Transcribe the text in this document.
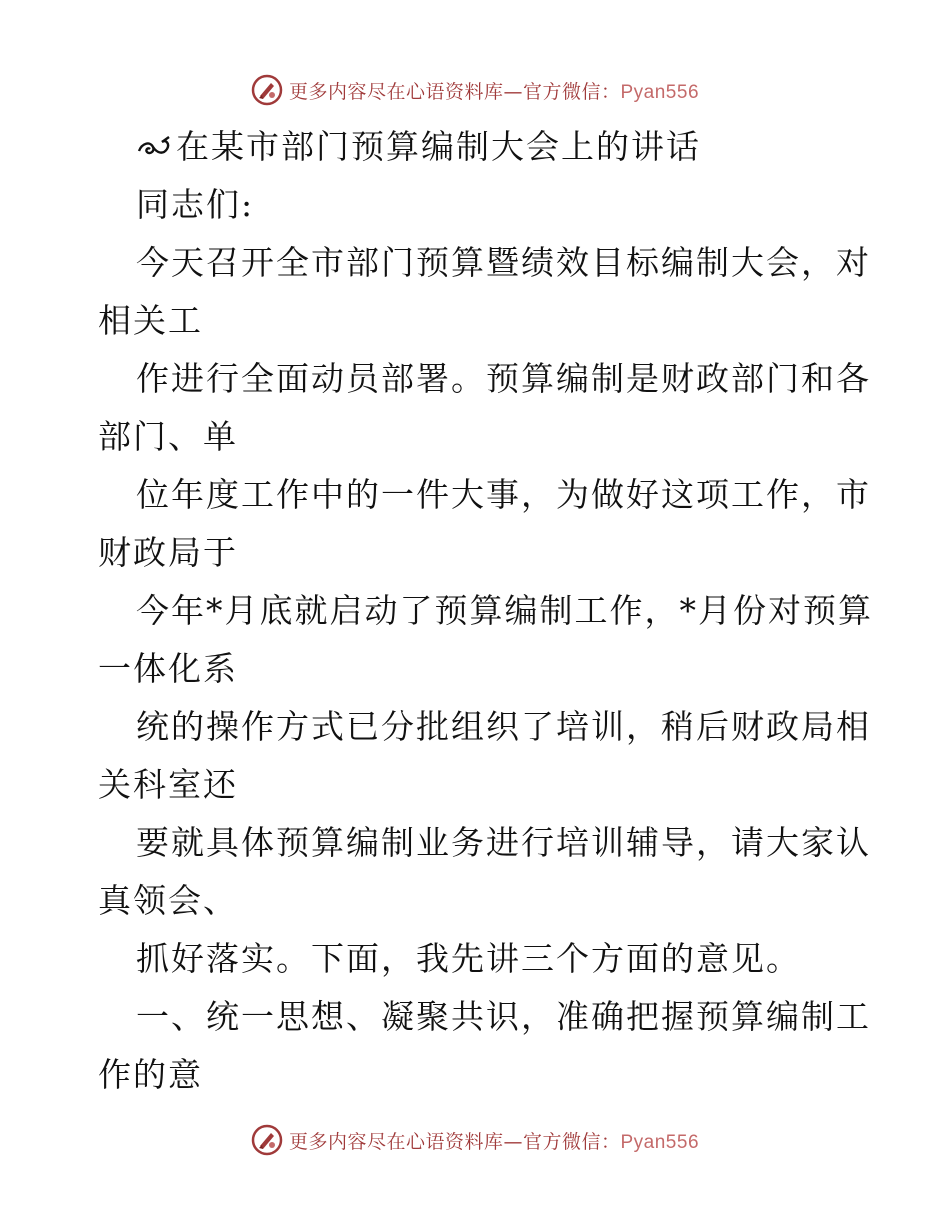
更多内容尽在心语资料库—官方微信：Pyan556
在某市部门预算编制大会上的讲话
同志们:
今天召开全市部门预算暨绩效目标编制大会，对
相关工
作进行全面动员部署。预算编制是财政部门和各
部门、单
位年度工作中的一件大事，为做好这项工作，市
财政局于
今年*月底就启动了预算编制工作，*月份对预算
一体化系
统的操作方式已分批组织了培训，稍后财政局相
关科室还
要就具体预算编制业务进行培训辅导，请大家认
真领会、
抓好落实。下面，我先讲三个方面的意见。
一、统一思想、凝聚共识，准确把握预算编制工
作的意
更多内容尽在心语资料库—官方微信：Pyan556
